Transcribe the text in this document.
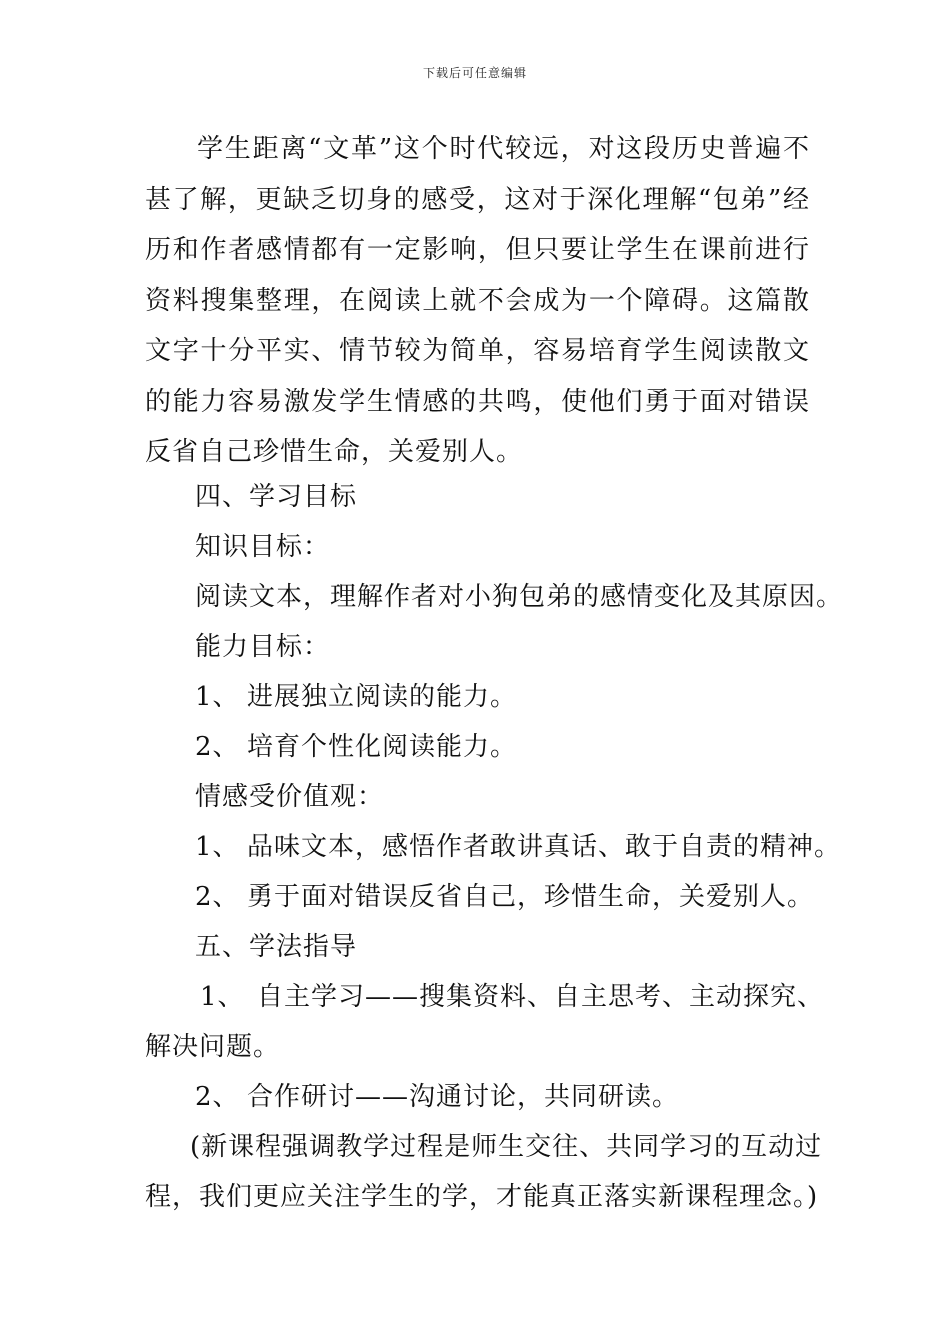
下载后可任意编辑

学生距离“文革”这个时代较远，对这段历史普遍不甚了解，更缺乏切身的感受，这对于深化理解“包弟”经历和作者感情都有一定影响，但只要让学生在课前进行资料搜集整理，在阅读上就不会成为一个障碍。这篇散文字十分平实、情节较为简单，容易培育学生阅读散文的能力容易激发学生情感的共鸣，使他们勇于面对错误反省自己珍惜生命，关爱别人。

四、学习目标
知识目标：
阅读文本，理解作者对小狗包弟的感情变化及其原因。
能力目标：
1、 进展独立阅读的能力。
2、 培育个性化阅读能力。
情感受价值观：
1、 品味文本，感悟作者敢讲真话、敢于自责的精神。
2、 勇于面对错误反省自己，珍惜生命，关爱别人。
五、学法指导
1、 自主学习——搜集资料、自主思考、主动探究、
解决问题。
2、 合作研讨——沟通讨论，共同研读。
(新课程强调教学过程是师生交往、共同学习的互动过
程，我们更应关注学生的学，才能真正落实新课程理念。)
